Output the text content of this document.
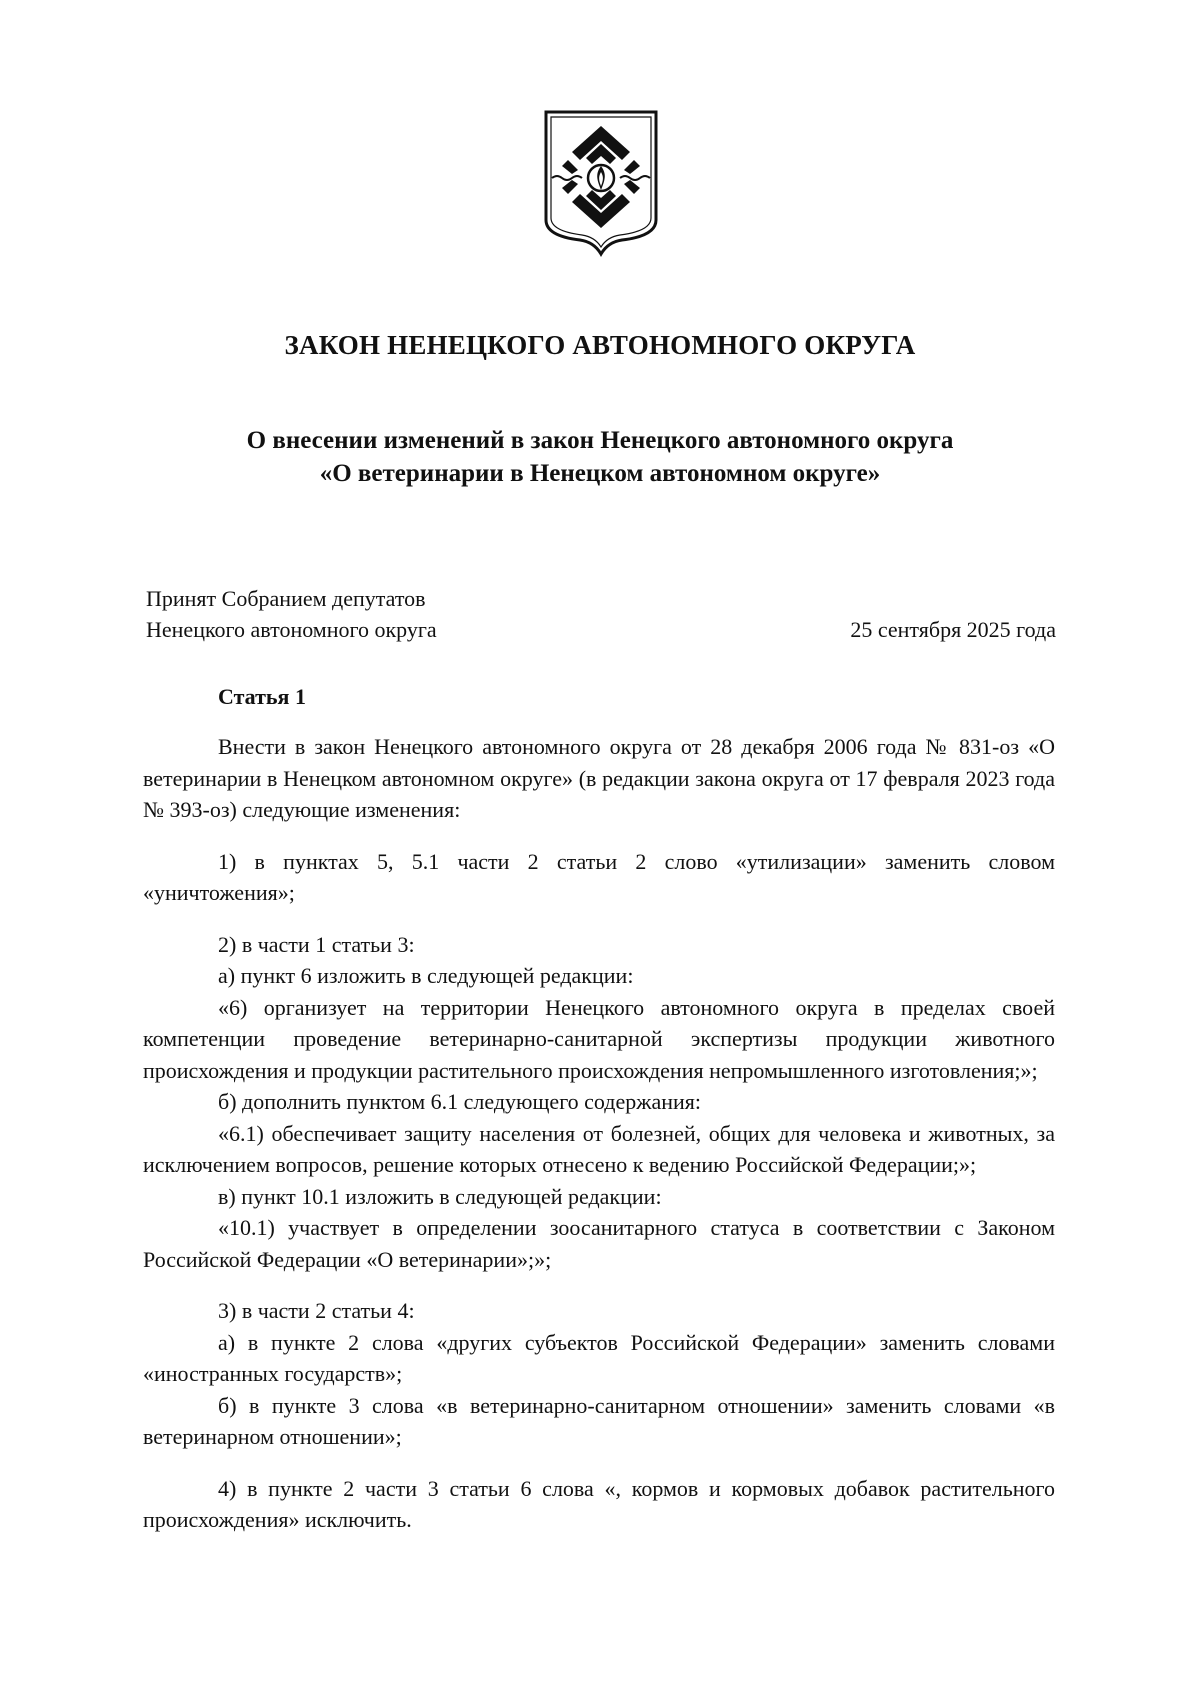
ЗАКОН НЕНЕЦКОГО АВТОНОМНОГО ОКРУГА
О внесении изменений в закон Ненецкого автономного округа
«О ветеринарии в Ненецком автономном округе»
Принят Собранием депутатов
Ненецкого автономного округа	25 сентября 2025 года
Статья 1

Внести в закон Ненецкого автономного округа от 28 декабря 2006 года № 831-оз «О ветеринарии в Ненецком автономном округе» (в редакции закона округа от 17 февраля 2023 года № 393-оз) следующие изменения:

1) в пунктах 5, 5.1 части 2 статьи 2 слово «утилизации» заменить словом «уничтожения»;

2) в части 1 статьи 3:

а) пункт 6 изложить в следующей редакции:

«6) организует на территории Ненецкого автономного округа в пределах своей компетенции проведение ветеринарно-санитарной экспертизы продукции животного происхождения и продукции растительного происхождения непромышленного изготовления;»;

б) дополнить пунктом 6.1 следующего содержания:

«6.1) обеспечивает защиту населения от болезней, общих для человека и животных, за исключением вопросов, решение которых отнесено к ведению Российской Федерации;»;

в) пункт 10.1 изложить в следующей редакции:

«10.1) участвует в определении зоосанитарного статуса в соответствии с Законом Российской Федерации «О ветеринарии»;»;

3) в части 2 статьи 4:

а) в пункте 2 слова «других субъектов Российской Федерации» заменить словами «иностранных государств»;

б) в пункте 3 слова «в ветеринарно-санитарном отношении» заменить словами «в ветеринарном отношении»;

4) в пункте 2 части 3 статьи 6 слова «, кормов и кормовых добавок растительного происхождения» исключить.
